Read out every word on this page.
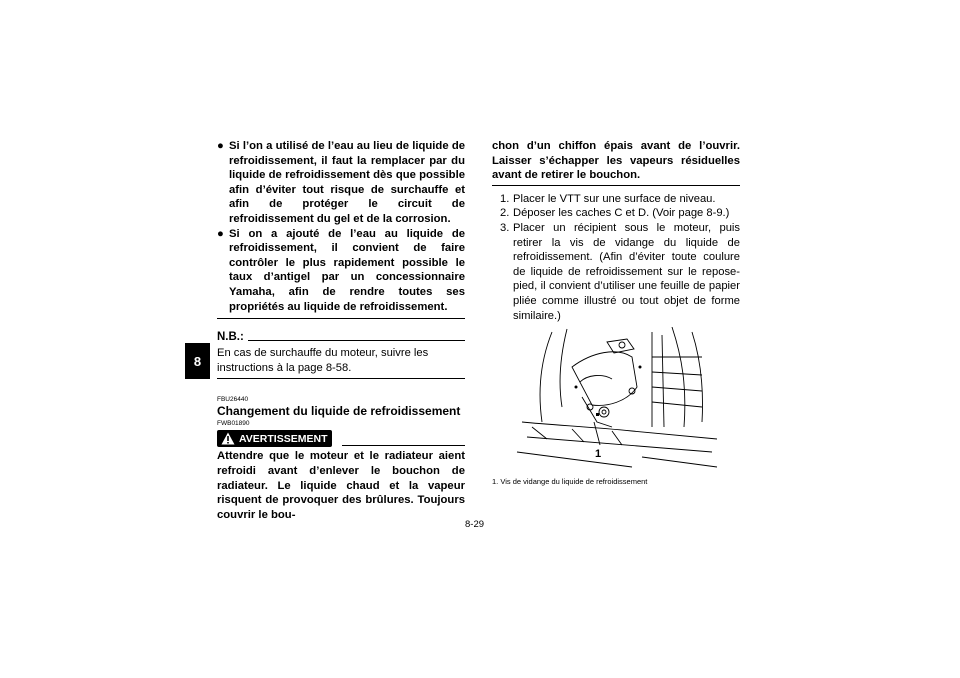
8
● Si l’on a utilisé de l’eau au lieu de liquide de refroidissement, il faut la remplacer par du liquide de refroidissement dès que possible afin d’éviter tout risque de surchauffe et afin de protéger le circuit de refroidissement du gel et de la corrosion.
● Si on a ajouté de l’eau au liquide de refroidissement, il convient de faire contrôler le plus rapidement possible le taux d’antigel par un concessionnaire Yamaha, afin de rendre toutes ses propriétés au liquide de refroidissement.
N.B.:
En cas de surchauffe du moteur, suivre les instructions à la page 8-58.
FBU26440
Changement du liquide de refroidissement
FWB01890
AVERTISSEMENT
Attendre que le moteur et le radiateur aient refroidi avant d’enlever le bouchon de radiateur. Le liquide chaud et la vapeur risquent de provoquer des brûlures. Toujours couvrir le bou-
chon d’un chiffon épais avant de l’ouvrir. Laisser s’échapper les vapeurs résiduelles avant de retirer le bouchon.
1. Placer le VTT sur une surface de niveau.
2. Déposer les caches C et D. (Voir page 8-9.)
3. Placer un récipient sous le moteur, puis retirer la vis de vidange du liquide de refroidissement. (Afin d’éviter toute coulure de liquide de refroidissement sur le repose-pied, il convient d’utiliser une feuille de papier pliée comme illustré ou tout objet de forme similaire.)
1
1. Vis de vidange du liquide de refroidissement
8-29
